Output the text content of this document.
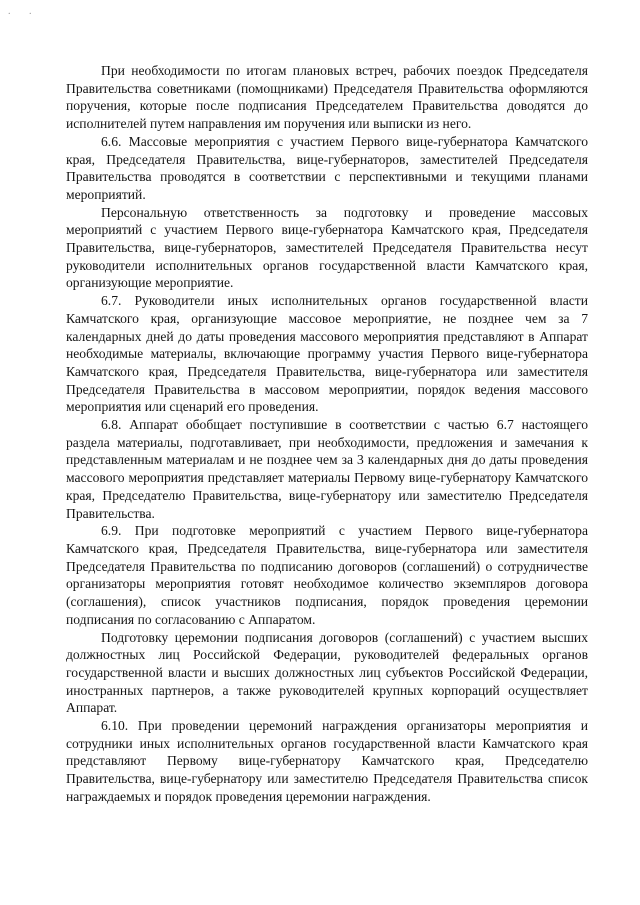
. .

При необходимости по итогам плановых встреч, рабочих поездок Председателя Правительства советниками (помощниками) Председателя Правительства оформляются поручения, которые после подписания Председателем Правительства доводятся до исполнителей путем направления им поручения или выписки из него.

6.6. Массовые мероприятия с участием Первого вице-губернатора Камчатского края, Председателя Правительства, вице-губернаторов, заместителей Председателя Правительства проводятся в соответствии с перспективными и текущими планами мероприятий.

Персональную ответственность за подготовку и проведение массовых мероприятий с участием Первого вице-губернатора Камчатского края, Председателя Правительства, вице-губернаторов, заместителей Председателя Правительства несут руководители исполнительных органов государственной власти Камчатского края, организующие мероприятие.

6.7. Руководители иных исполнительных органов государственной власти Камчатского края, организующие массовое мероприятие, не позднее чем за 7 календарных дней до даты проведения массового мероприятия представляют в Аппарат необходимые материалы, включающие программу участия Первого вице-губернатора Камчатского края, Председателя Правительства, вице-губернатора или заместителя Председателя Правительства в массовом мероприятии, порядок ведения массового мероприятия или сценарий его проведения.

6.8. Аппарат обобщает поступившие в соответствии с частью 6.7 настоящего раздела материалы, подготавливает, при необходимости, предложения и замечания к представленным материалам и не позднее чем за 3 календарных дня до даты проведения массового мероприятия представляет материалы Первому вице-губернатору Камчатского края, Председателю Правительства, вице-губернатору или заместителю Председателя Правительства.

6.9. При подготовке мероприятий с участием Первого вице-губернатора Камчатского края, Председателя Правительства, вице-губернатора или заместителя Председателя Правительства по подписанию договоров (соглашений) о сотрудничестве организаторы мероприятия готовят необходимое количество экземпляров договора (соглашения), список участников подписания, порядок проведения церемонии подписания по согласованию с Аппаратом.

Подготовку церемонии подписания договоров (соглашений) с участием высших должностных лиц Российской Федерации, руководителей федеральных органов государственной власти и высших должностных лиц субъектов Российской Федерации, иностранных партнеров, а также руководителей крупных корпораций осуществляет Аппарат.

6.10. При проведении церемоний награждения организаторы мероприятия и сотрудники иных исполнительных органов государственной власти Камчатского края представляют Первому вице-губернатору Камчатского края, Председателю Правительства, вице-губернатору или заместителю Председателя Правительства список награждаемых и порядок проведения церемонии награждения.
